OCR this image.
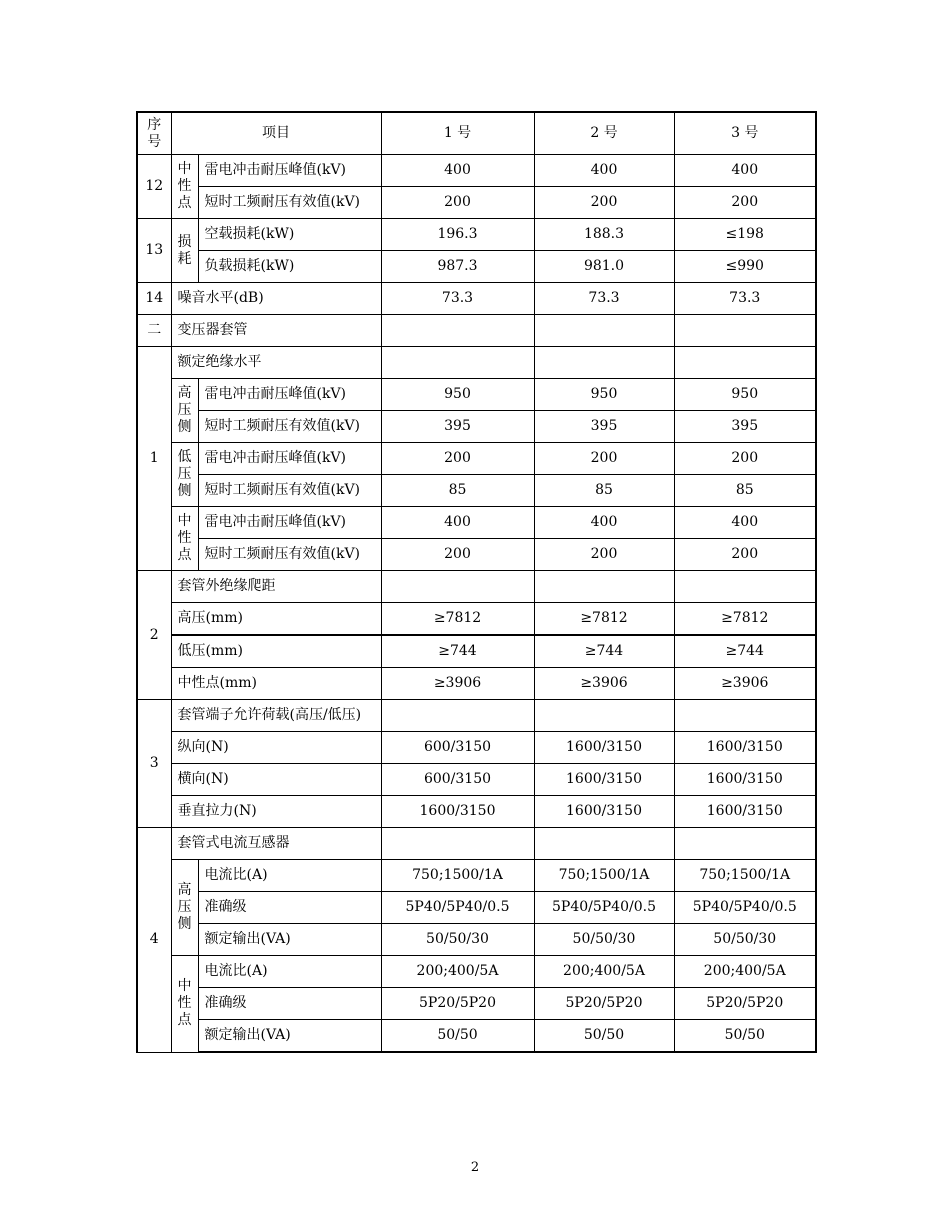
序号	项目		1 号	2 号	3 号
12	中性点	雷电冲击耐压峰值(kV)	400	400	400
		短时工频耐压有效值(kV)	200	200	200
13	损耗	空载损耗(kW)	196.3	188.3	≤198
		负载损耗(kW)	987.3	981.0	≤990
14	噪音水平(dB)		73.3	73.3	73.3
二	变压器套管				
1	额定绝缘水平				
	高压侧	雷电冲击耐压峰值(kV)	950	950	950
		短时工频耐压有效值(kV)	395	395	395
	低压侧	雷电冲击耐压峰值(kV)	200	200	200
		短时工频耐压有效值(kV)	85	85	85
	中性点	雷电冲击耐压峰值(kV)	400	400	400
		短时工频耐压有效值(kV)	200	200	200
2	套管外绝缘爬距				
	高压(mm)		≥7812	≥7812	≥7812
	低压(mm)		≥744	≥744	≥744
	中性点(mm)		≥3906	≥3906	≥3906
3	套管端子允许荷载(高压/低压)				
	纵向(N)		600/3150	1600/3150	1600/3150
	横向(N)		600/3150	1600/3150	1600/3150
	垂直拉力(N)		1600/3150	1600/3150	1600/3150
4	套管式电流互感器				
	高压侧	电流比(A)	750;1500/1A	750;1500/1A	750;1500/1A
		准确级	5P40/5P40/0.5	5P40/5P40/0.5	5P40/5P40/0.5
		额定输出(VA)	50/50/30	50/50/30	50/50/30
	中性点	电流比(A)	200;400/5A	200;400/5A	200;400/5A
		准确级	5P20/5P20	5P20/5P20	5P20/5P20
		额定输出(VA)	50/50	50/50	50/50
2
